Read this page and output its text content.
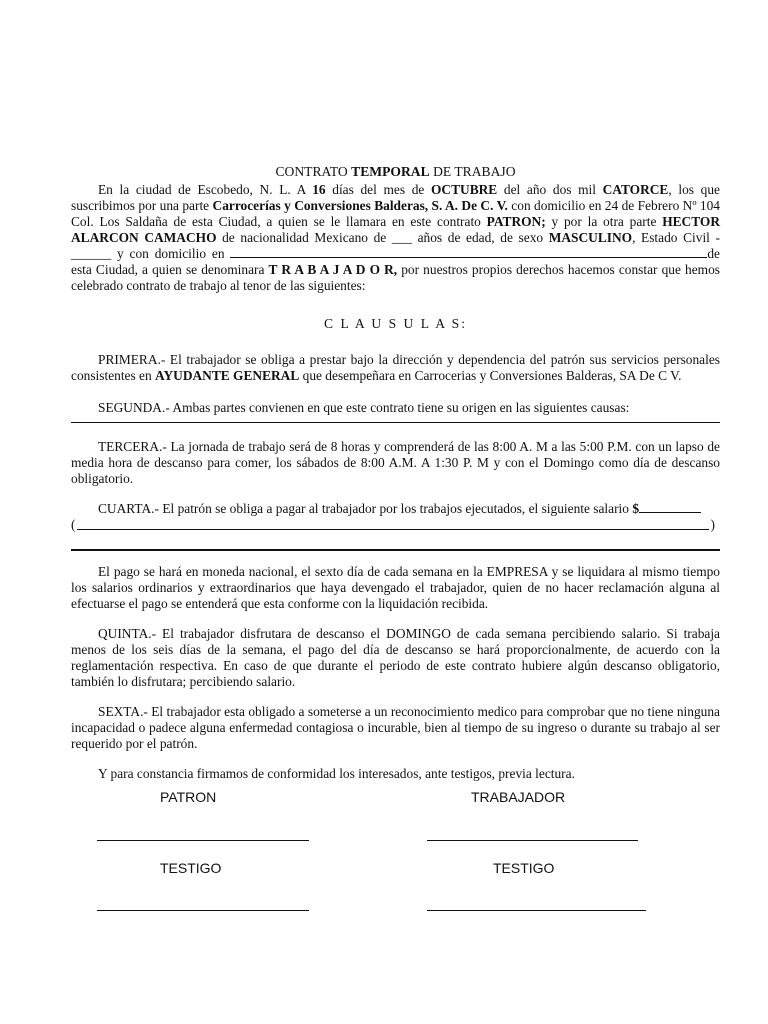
CONTRATO TEMPORAL DE TRABAJO

En la ciudad de Escobedo, N. L. A 16 días del mes de OCTUBRE del año dos mil CATORCE, los que suscribimos por una parte Carrocerías y Conversiones Balderas, S. A. De C. V. con domicilio en 24 de Febrero Nº 104 Col. Los Saldaña de esta Ciudad, a quien se le llamara en este contrato PATRON; y por la otra parte HECTOR ALARCON CAMACHO de nacionalidad Mexicano de ___ años de edad, de sexo MASCULINO, Estado Civil - ______ y con domicilio en	de esta Ciudad, a quien se denominara T R A B A J A D O R, por nuestros propios derechos hacemos constar que hemos celebrado contrato de trabajo al tenor de las siguientes:

C L A U S U L A S:

PRIMERA.- El trabajador se obliga a prestar bajo la dirección y dependencia del patrón sus servicios personales consistentes en AYUDANTE GENERAL que desempeñara en Carrocerias y Conversiones Balderas, SA De C V.

SEGUNDA.- Ambas partes convienen en que este contrato tiene su origen en las siguientes causas:

TERCERA.- La jornada de trabajo será de 8 horas y comprenderá de las 8:00 A. M a las 5:00 P.M. con un lapso de media hora de descanso para comer, los sábados de 8:00 A.M. A 1:30 P. M y con el Domingo como día de descanso obligatorio.

CUARTA.- El patrón se obliga a pagar al trabajador por los trabajos ejecutados, el siguiente salario $

(	)

El pago se hará en moneda nacional, el sexto día de cada semana en la EMPRESA y se liquidara al mismo tiempo los salarios ordinarios y extraordinarios que haya devengado el trabajador, quien de no hacer reclamación alguna al efectuarse el pago se entenderá que esta conforme con la liquidación recibida.

QUINTA.- El trabajador disfrutara de descanso el DOMINGO de cada semana percibiendo salario. Si trabaja menos de los seis días de la semana, el pago del día de descanso se hará proporcionalmente, de acuerdo con la reglamentación respectiva. En caso de que durante el periodo de este contrato hubiere algún descanso obligatorio, también lo disfrutara; percibiendo salario.

SEXTA.- El trabajador esta obligado a someterse a un reconocimiento medico para comprobar que no tiene ninguna incapacidad o padece alguna enfermedad contagiosa o incurable, bien al tiempo de su ingreso o durante su trabajo al ser requerido por el patrón.

Y para constancia firmamos de conformidad los interesados, ante testigos, previa lectura.

PATRON	TRABAJADOR
TESTIGO	TESTIGO
